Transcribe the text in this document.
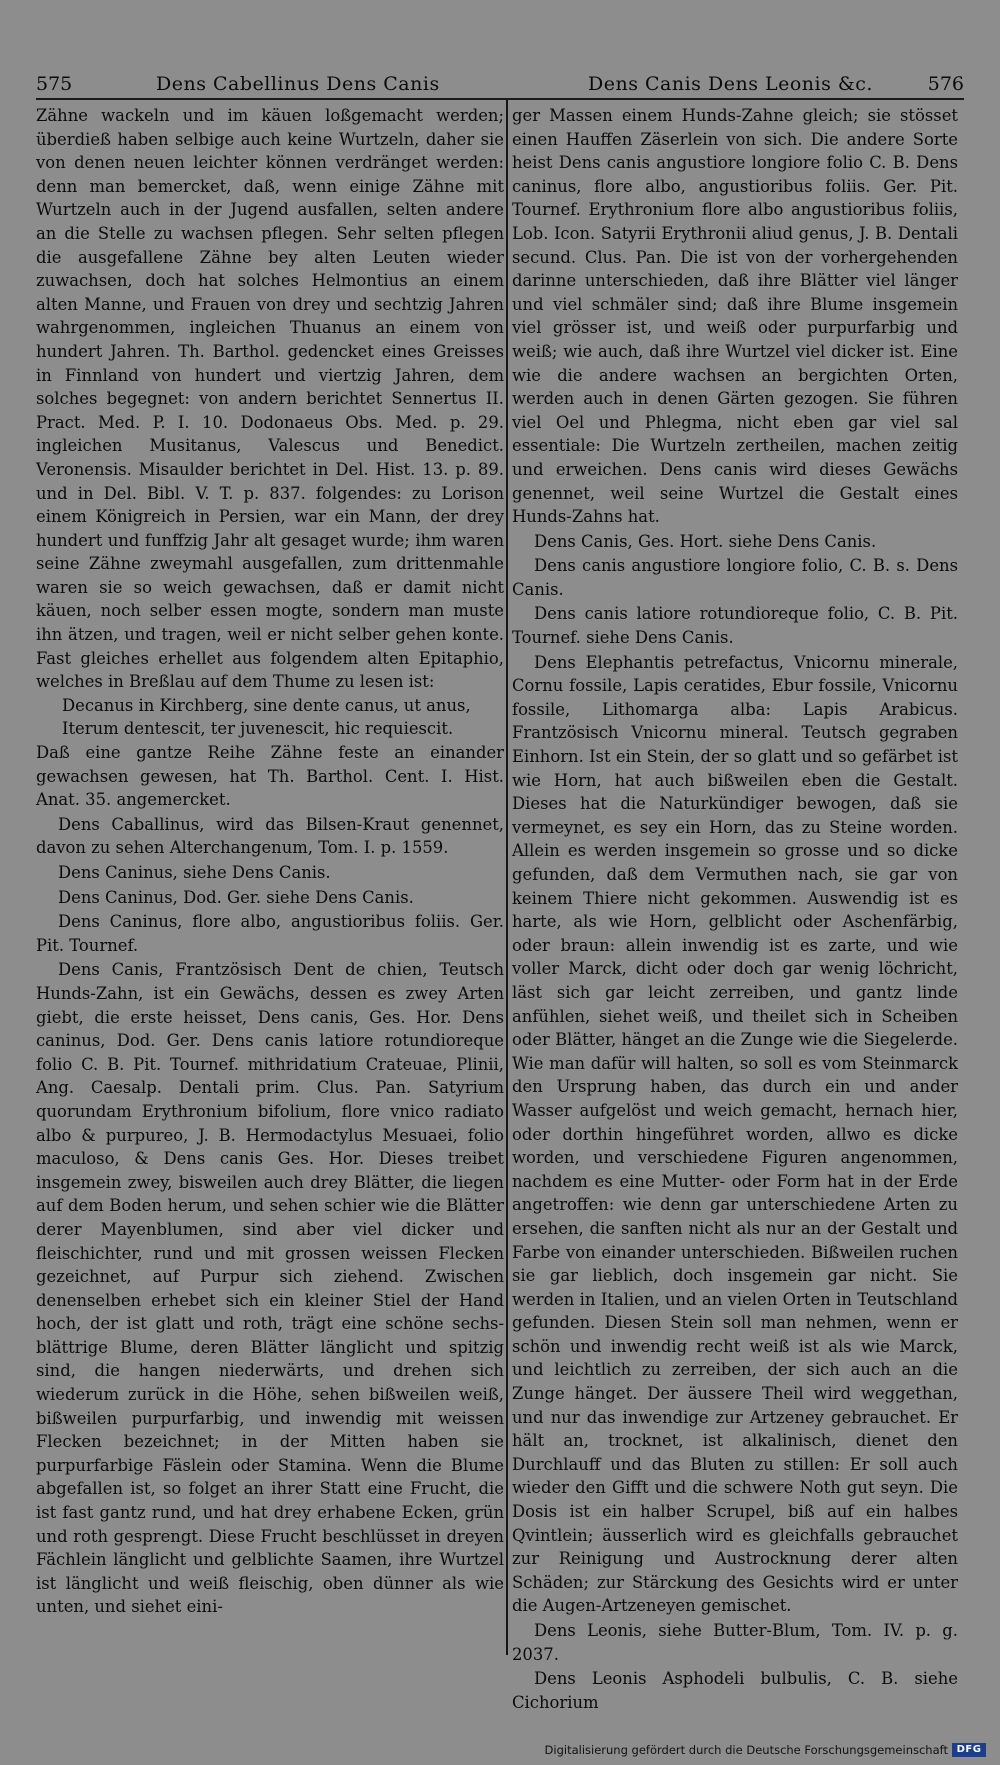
575	Dens Cabellinus Dens Canis	Dens Canis Dens Leonis &c.	576

Zähne wackeln und im käuen loßgemacht werden; überdieß haben selbige auch keine Wurtzeln, daher sie von denen neuen leichter können verdränget werden: denn man bemercket, daß, wenn einige Zähne mit Wurtzeln auch in der Jugend ausfallen, selten andere an die Stelle zu wachsen pflegen. Sehr selten pflegen die ausgefallene Zähne bey alten Leuten wieder zuwachsen, doch hat solches Helmontius an einem alten Manne, und Frauen von drey und sechtzig Jahren wahrgenommen, ingleichen Thuanus an einem von hundert Jahren. Th. Barthol. gedencket eines Greisses in Finnland von hundert und viertzig Jahren, dem solches begegnet: von andern berichtet Sennertus II. Pract. Med. P. I. 10. Dodonaeus Obs. Med. p. 29. ingleichen Musitanus, Valescus und Benedict. Veronensis. Misaulder berichtet in Del. Hist. 13. p. 89. und in Del. Bibl. V. T. p. 837. folgendes: zu Lorison einem Königreich in Persien, war ein Mann, der drey hundert und funffzig Jahr alt gesaget wurde; ihm waren seine Zähne zweymahl ausgefallen, zum drittenmahle waren sie so weich gewachsen, daß er damit nicht käuen, noch selber essen mogte, sondern man muste ihn ätzen, und tragen, weil er nicht selber gehen konte. Fast gleiches erhellet aus folgendem alten Epitaphio, welches in Breßlau auf dem Thume zu lesen ist:

Decanus in Kirchberg, sine dente canus, ut anus,

Iterum dentescit, ter juvenescit, hic requiescit.

Daß eine gantze Reihe Zähne feste an einander gewachsen gewesen, hat Th. Barthol. Cent. I. Hist. Anat. 35. angemercket.

Dens Caballinus, wird das Bilsen-Kraut genennet, davon zu sehen Alterchangenum, Tom. I. p. 1559.

Dens Caninus, siehe Dens Canis.

Dens Caninus, Dod. Ger. siehe Dens Canis.

Dens Caninus, flore albo, angustioribus foliis. Ger. Pit. Tournef.

Dens Canis, Frantzösisch Dent de chien, Teutsch Hunds-Zahn, ist ein Gewächs, dessen es zwey Arten giebt, die erste heisset, Dens canis, Ges. Hor. Dens caninus, Dod. Ger. Dens canis latiore rotundioreque folio C. B. Pit. Tournef. mithridatium Crateuae, Plinii, Ang. Caesalp. Dentali prim. Clus. Pan. Satyrium quorundam Erythronium bifolium, flore vnico radiato albo & purpureo, J. B. Hermodactylus Mesuaei, folio maculoso, & Dens canis Ges. Hor. Dieses treibet insgemein zwey, bisweilen auch drey Blätter, die liegen auf dem Boden herum, und sehen schier wie die Blätter derer Mayenblumen, sind aber viel dicker und fleischichter, rund und mit grossen weissen Flecken gezeichnet, auf Purpur sich ziehend. Zwischen denenselben erhebet sich ein kleiner Stiel der Hand hoch, der ist glatt und roth, trägt eine schöne sechs-blättrige Blume, deren Blätter länglicht und spitzig sind, die hangen niederwärts, und drehen sich wiederum zurück in die Höhe, sehen bißweilen weiß, bißweilen purpurfarbig, und inwendig mit weissen Flecken bezeichnet; in der Mitten haben sie purpurfarbige Fäslein oder Stamina. Wenn die Blume abgefallen ist, so folget an ihrer Statt eine Frucht, die ist fast gantz rund, und hat drey erhabene Ecken, grün und roth gesprengt. Diese Frucht beschlüsset in dreyen Fächlein länglicht und gelblichte Saamen, ihre Wurtzel ist länglicht und weiß fleischig, oben dünner als wie unten, und siehet eini-

ger Massen einem Hunds-Zahne gleich; sie stösset einen Hauffen Zäserlein von sich. Die andere Sorte heist Dens canis angustiore longiore folio C. B. Dens caninus, flore albo, angustioribus foliis. Ger. Pit. Tournef. Erythronium flore albo angustioribus foliis, Lob. Icon. Satyrii Erythronii aliud genus, J. B. Dentali secund. Clus. Pan. Die ist von der vorhergehenden darinne unterschieden, daß ihre Blätter viel länger und viel schmäler sind; daß ihre Blume insgemein viel grösser ist, und weiß oder purpurfarbig und weiß; wie auch, daß ihre Wurtzel viel dicker ist. Eine wie die andere wachsen an bergichten Orten, werden auch in denen Gärten gezogen. Sie führen viel Oel und Phlegma, nicht eben gar viel sal essentiale: Die Wurtzeln zertheilen, machen zeitig und erweichen. Dens canis wird dieses Gewächs genennet, weil seine Wurtzel die Gestalt eines Hunds-Zahns hat.

Dens Canis, Ges. Hort. siehe Dens Canis.

Dens canis angustiore longiore folio, C. B. s. Dens Canis.

Dens canis latiore rotundioreque folio, C. B. Pit. Tournef. siehe Dens Canis.

Dens Elephantis petrefactus, Vnicornu minerale, Cornu fossile, Lapis ceratides, Ebur fossile, Vnicornu fossile, Lithomarga alba: Lapis Arabicus. Frantzösisch Vnicornu mineral. Teutsch gegraben Einhorn. Ist ein Stein, der so glatt und so gefärbet ist wie Horn, hat auch bißweilen eben die Gestalt. Dieses hat die Naturkündiger bewogen, daß sie vermeynet, es sey ein Horn, das zu Steine worden. Allein es werden insgemein so grosse und so dicke gefunden, daß dem Vermuthen nach, sie gar von keinem Thiere nicht gekommen. Auswendig ist es harte, als wie Horn, gelblicht oder Aschenfärbig, oder braun: allein inwendig ist es zarte, und wie voller Marck, dicht oder doch gar wenig löchricht, läst sich gar leicht zerreiben, und gantz linde anfühlen, siehet weiß, und theilet sich in Scheiben oder Blätter, hänget an die Zunge wie die Siegelerde. Wie man dafür will halten, so soll es vom Steinmarck den Ursprung haben, das durch ein und ander Wasser aufgelöst und weich gemacht, hernach hier, oder dorthin hingeführet worden, allwo es dicke worden, und verschiedene Figuren angenommen, nachdem es eine Mutter- oder Form hat in der Erde angetroffen: wie denn gar unterschiedene Arten zu ersehen, die sanften nicht als nur an der Gestalt und Farbe von einander unterschieden. Bißweilen ruchen sie gar lieblich, doch insgemein gar nicht. Sie werden in Italien, und an vielen Orten in Teutschland gefunden. Diesen Stein soll man nehmen, wenn er schön und inwendig recht weiß ist als wie Marck, und leichtlich zu zerreiben, der sich auch an die Zunge hänget. Der äussere Theil wird weggethan, und nur das inwendige zur Artzeney gebrauchet. Er hält an, trocknet, ist alkalinisch, dienet den Durchlauff und das Bluten zu stillen: Er soll auch wieder den Gifft und die schwere Noth gut seyn. Die Dosis ist ein halber Scrupel, biß auf ein halbes Qvintlein; äusserlich wird es gleichfalls gebrauchet zur Reinigung und Austrocknung derer alten Schäden; zur Stärckung des Gesichts wird er unter die Augen-Artzeneyen gemischet.

Dens Leonis, siehe Butter-Blum, Tom. IV. p. g. 2037.

Dens Leonis Asphodeli bulbulis, C. B. siehe Cichorium

Digitalisierung gefördert durch die Deutsche Forschungsgemeinschaft DFG
